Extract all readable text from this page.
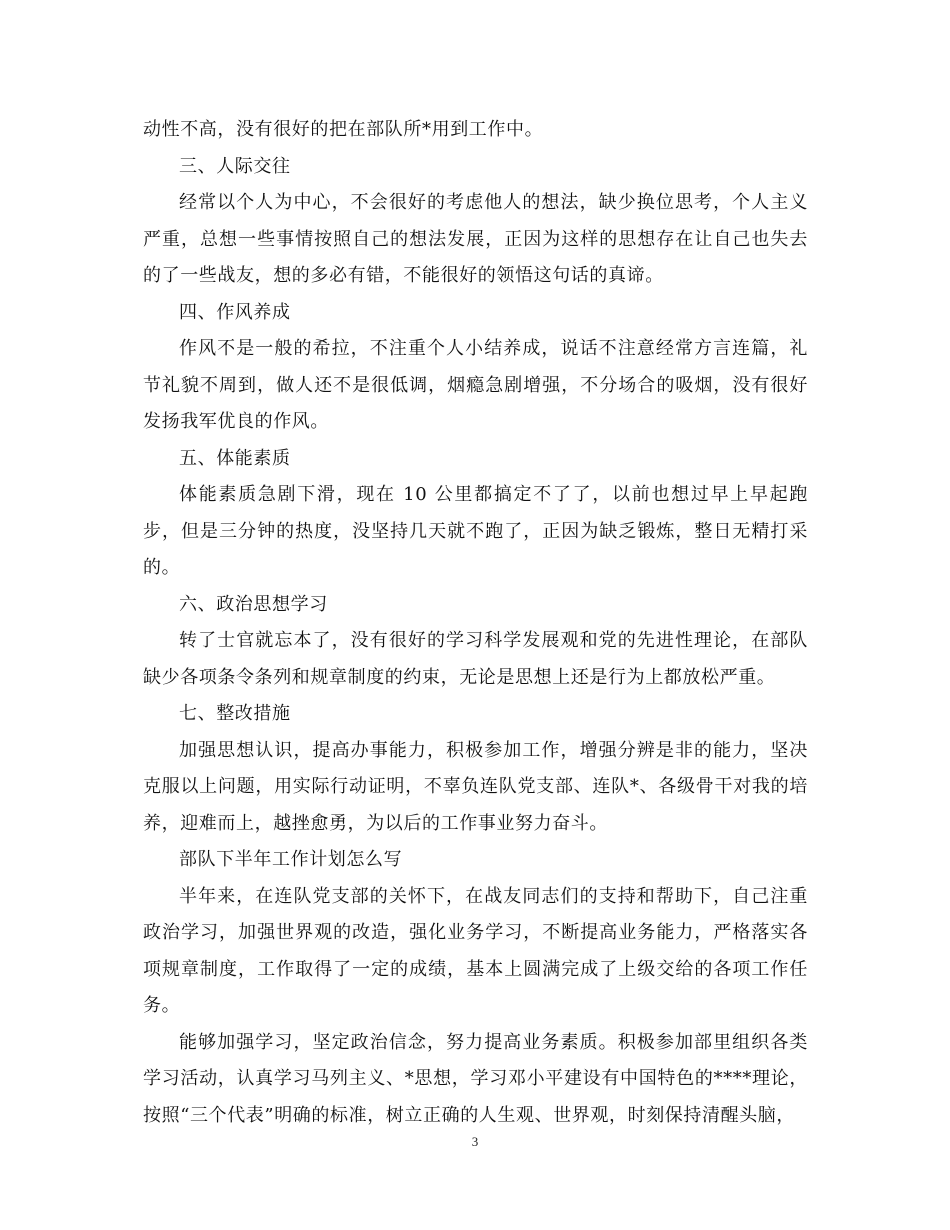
动性不高，没有很好的把在部队所*用到工作中。

三、人际交往

经常以个人为中心，不会很好的考虑他人的想法，缺少换位思考，个人主义严重，总想一些事情按照自己的想法发展，正因为这样的思想存在让自己也失去的了一些战友，想的多必有错，不能很好的领悟这句话的真谛。

四、作风养成

作风不是一般的希拉，不注重个人小结养成，说话不注意经常方言连篇，礼节礼貌不周到，做人还不是很低调，烟瘾急剧增强，不分场合的吸烟，没有很好发扬我军优良的作风。

五、体能素质

体能素质急剧下滑，现在 10 公里都搞定不了了，以前也想过早上早起跑步，但是三分钟的热度，没坚持几天就不跑了，正因为缺乏锻炼，整日无精打采的。

六、政治思想学习

转了士官就忘本了，没有很好的学习科学发展观和党的先进性理论，在部队缺少各项条令条列和规章制度的约束，无论是思想上还是行为上都放松严重。

七、整改措施

加强思想认识，提高办事能力，积极参加工作，增强分辨是非的能力，坚决克服以上问题，用实际行动证明，不辜负连队党支部、连队*、各级骨干对我的培养，迎难而上，越挫愈勇，为以后的工作事业努力奋斗。

部队下半年工作计划怎么写

半年来，在连队党支部的关怀下，在战友同志们的支持和帮助下，自己注重政治学习，加强世界观的改造，强化业务学习，不断提高业务能力，严格落实各项规章制度，工作取得了一定的成绩，基本上圆满完成了上级交给的各项工作任务。

能够加强学习，坚定政治信念，努力提高业务素质。积极参加部里组织各类学习活动，认真学习马列主义、*思想，学习邓小平建设有中国特色的****理论，按照“三个代表”明确的标准，树立正确的人生观、世界观，时刻保持清醒头脑，

3
